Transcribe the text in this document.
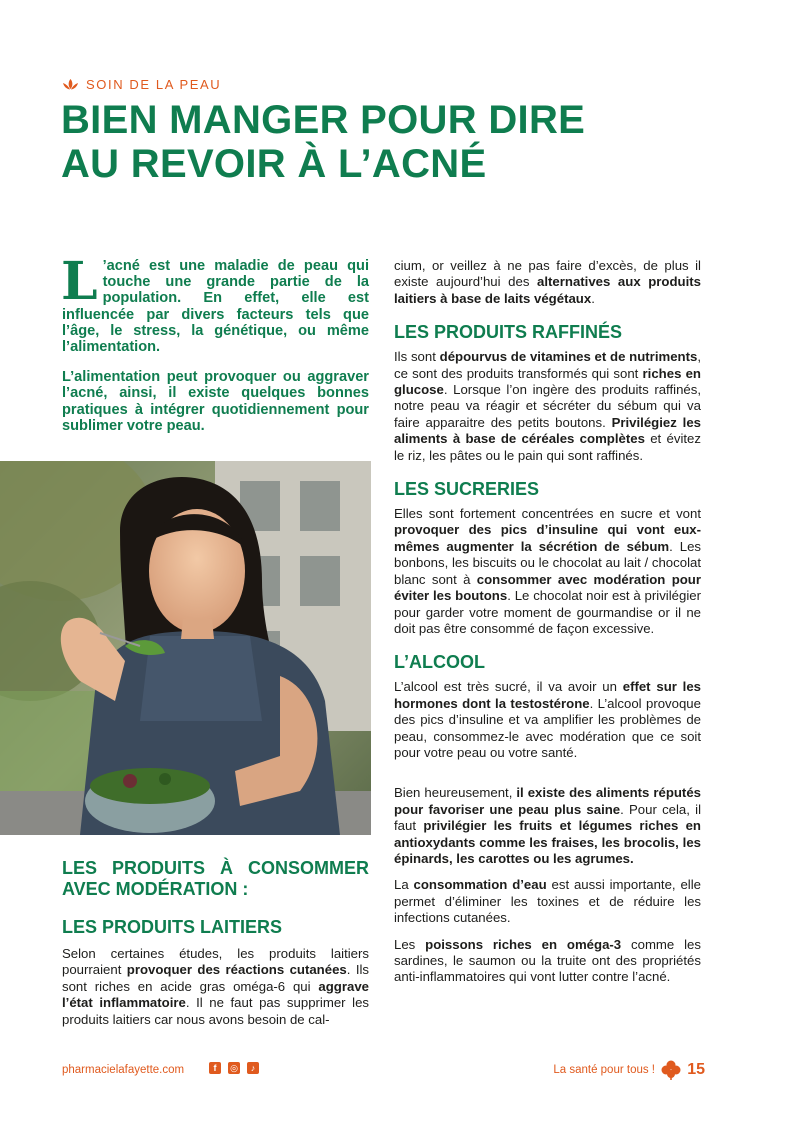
SOIN DE LA PEAU
BIEN MANGER POUR DIRE
AU REVOIR À L’ACNÉ

L ’acné est une maladie de peau qui touche une grande partie de la population. En effet, elle est influencée par divers facteurs tels que l’âge, le stress, la génétique, ou même l’alimentation.

L’alimentation peut provoquer ou aggraver l’acné, ainsi, il existe quelques bonnes pratiques à intégrer quotidiennement pour sublimer votre peau.

LES PRODUITS À CONSOMMER AVEC MODÉRATION :
LES PRODUITS LAITIERS

Selon certaines études, les produits laitiers pourraient provoquer des réactions cutanées. Ils sont riches en acide gras oméga-6 qui aggrave l’état inflammatoire. Il ne faut pas supprimer les produits laitiers car nous avons besoin de cal-

cium, or veillez à ne pas faire d’excès, de plus il existe aujourd’hui des alternatives aux produits laitiers à base de laits végétaux.

LES PRODUITS RAFFINÉS

Ils sont dépourvus de vitamines et de nutriments, ce sont des produits transformés qui sont riches en glucose. Lorsque l’on ingère des produits raffinés, notre peau va réagir et sécréter du sébum qui va faire apparaitre des petits boutons. Privilégiez les aliments à base de céréales complètes et évitez le riz, les pâtes ou le pain qui sont raffinés.

LES SUCRERIES

Elles sont fortement concentrées en sucre et vont provoquer des pics d’insuline qui vont eux-mêmes augmenter la sécrétion de sébum. Les bonbons, les biscuits ou le chocolat au lait / chocolat blanc sont à consommer avec modération pour éviter les boutons. Le chocolat noir est à privilégier pour garder votre moment de gourmandise or il ne doit pas être consommé de façon excessive.

L’ALCOOL

L’alcool est très sucré, il va avoir un effet sur les hormones dont la testostérone. L’alcool provoque des pics d’insuline et va amplifier les problèmes de peau, consommez-le avec modération que ce soit pour votre peau ou votre santé.

Bien heureusement, il existe des aliments réputés pour favoriser une peau plus saine. Pour cela, il faut privilégier les fruits et légumes riches en antioxydants comme les fraises, les brocolis, les épinards, les carottes ou les agrumes.

La consommation d’eau est aussi importante, elle permet d’éliminer les toxines et de réduire les infections cutanées.

Les poissons riches en oméga-3 comme les sardines, le saumon ou la truite ont des propriétés anti-inflammatoires qui vont lutter contre l’acné.

pharmacielafayette.com	f	◎	♪	La santé pour tous ! 15
